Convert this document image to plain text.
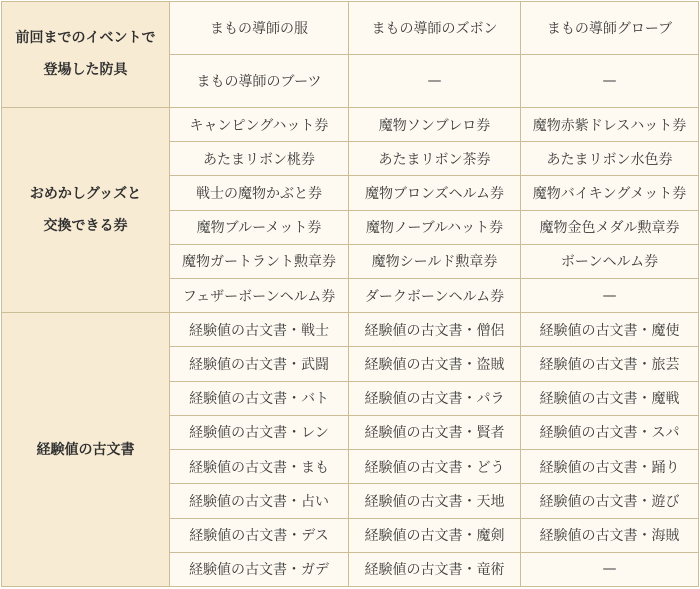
前回までのイベントで
登場した防具	まもの導師の服	まもの導師のズボン	まもの導師グローブ
	まもの導師のブーツ	—	—

おめかしグッズと
交換できる券	キャンピングハット券	魔物ソンブレロ券	魔物赤紫ドレスハット券
	あたまリボン桃券	あたまリボン茶券	あたまリボン水色券
	戦士の魔物かぶと券	魔物ブロンズヘルム券	魔物バイキングメット券
	魔物ブルーメット券	魔物ノーブルハット券	魔物金色メダル勲章券
	魔物ガートラント勲章券	魔物シールド勲章券	ボーンヘルム券
	フェザーボーンヘルム券	ダークボーンヘルム券	—

経験値の古文書	経験値の古文書・戦士	経験値の古文書・僧侶	経験値の古文書・魔使
	経験値の古文書・武闘	経験値の古文書・盗賊	経験値の古文書・旅芸
	経験値の古文書・バト	経験値の古文書・パラ	経験値の古文書・魔戦
	経験値の古文書・レン	経験値の古文書・賢者	経験値の古文書・スパ
	経験値の古文書・まも	経験値の古文書・どう	経験値の古文書・踊り
	経験値の古文書・占い	経験値の古文書・天地	経験値の古文書・遊び
	経験値の古文書・デス	経験値の古文書・魔剣	経験値の古文書・海賊
	経験値の古文書・ガデ	経験値の古文書・竜術	—
